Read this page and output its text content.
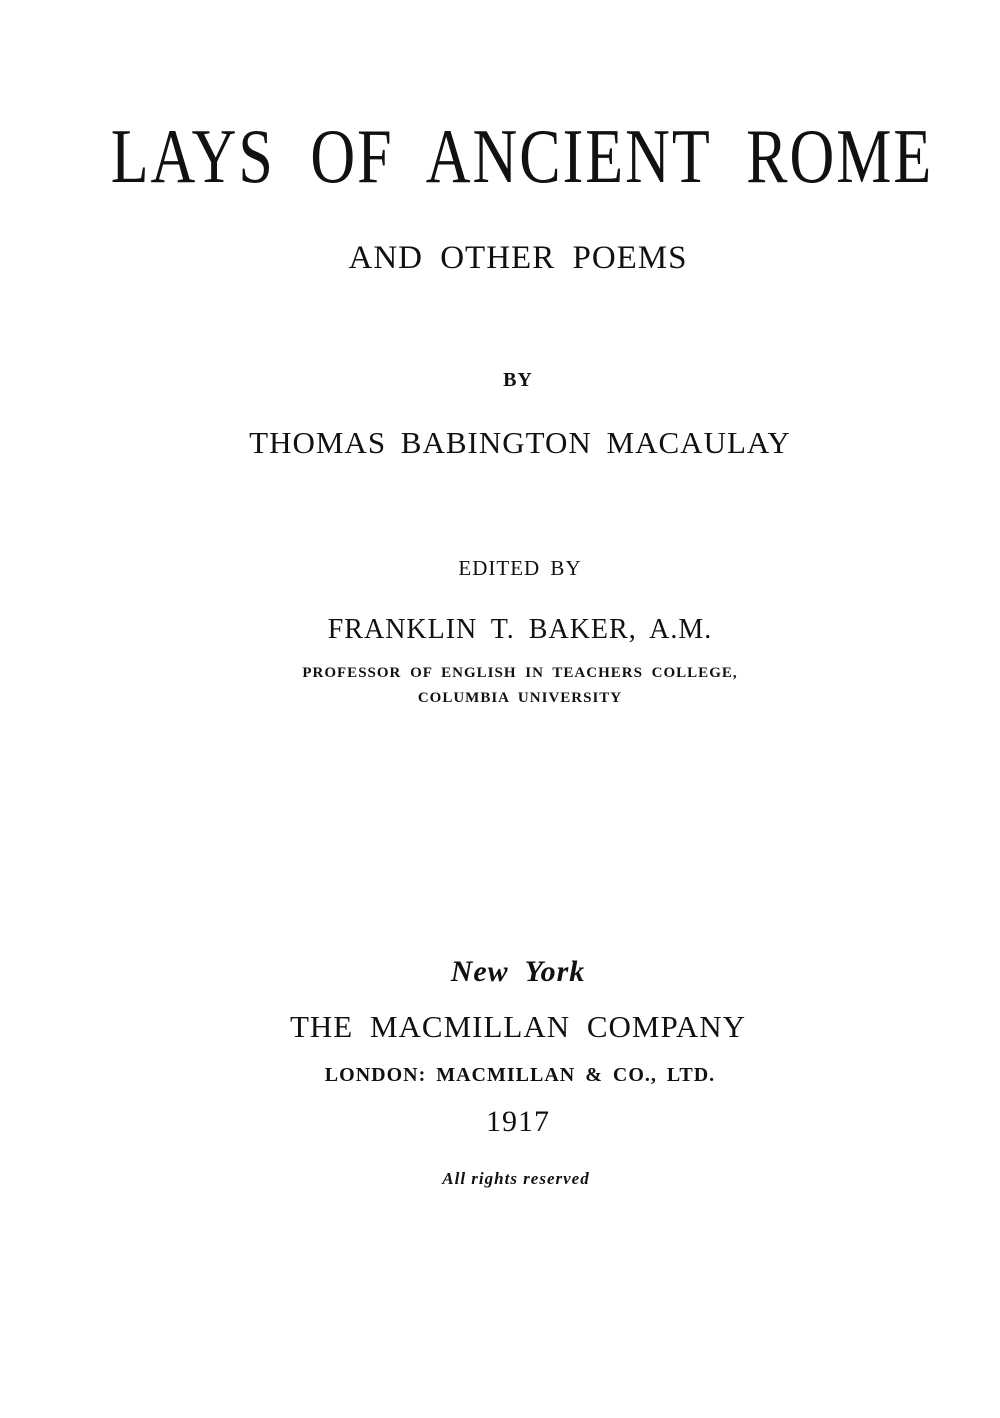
LAYS OF ANCIENT ROME
AND OTHER POEMS
BY
THOMAS BABINGTON MACAULAY
EDITED BY
FRANKLIN T. BAKER, A.M.
PROFESSOR OF ENGLISH IN TEACHERS COLLEGE,
COLUMBIA UNIVERSITY
New York
THE MACMILLAN COMPANY
LONDON: MACMILLAN & CO., LTD.
1917
All rights reserved
